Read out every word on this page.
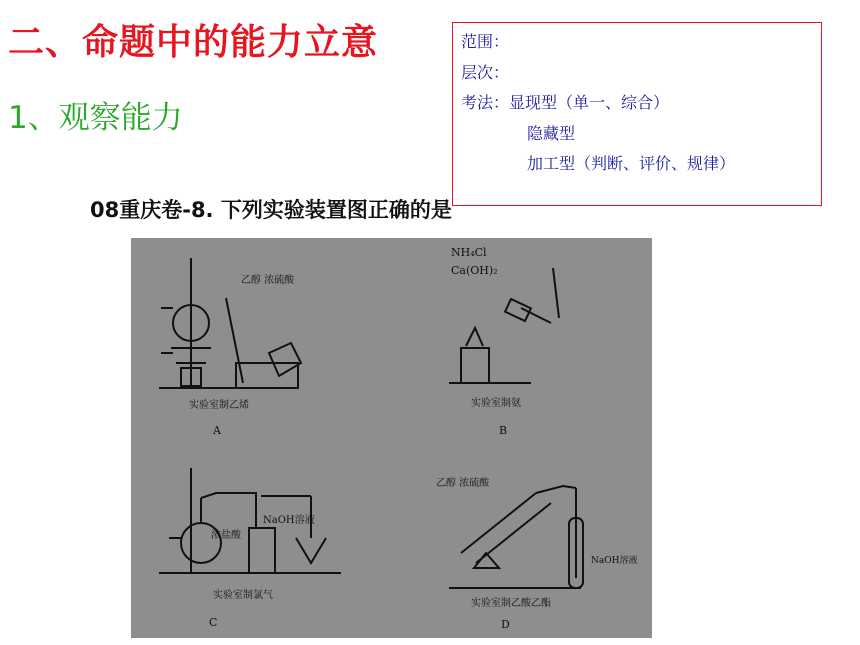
二、命题中的能力立意
1、观察能力
范围：
层次：
考法：显现型（单一、综合）
隐藏型
加工型（判断、评价、规律）
08重庆卷-8. 下列实验装置图正确的是
乙醇 浓硫酸
实验室制乙烯
A
NH₄Cl
Ca(OH)₂
实验室制氨
B
浓盐酸
NaOH溶液
实验室制氯气
C
乙醇 浓硫酸
NaOH溶液
实验室制乙酸乙酯
D
